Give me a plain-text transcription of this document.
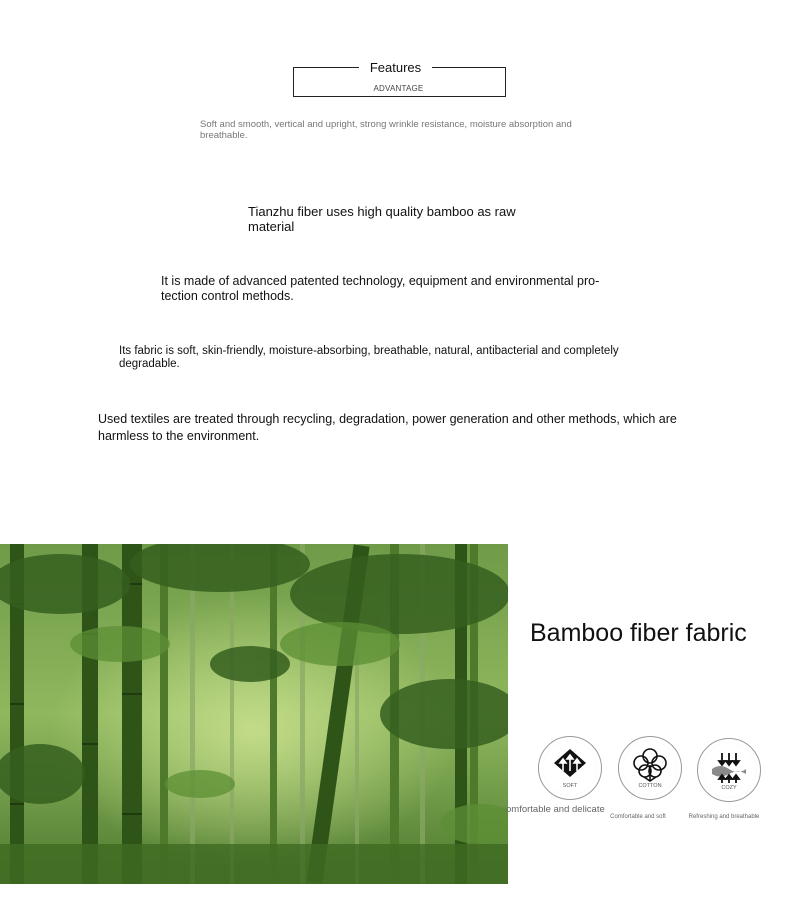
Features
ADVANTAGE
Soft and smooth, vertical and upright, strong wrinkle resistance, moisture absorption and breathable.
Tianzhu fiber uses high quality bamboo as raw material
It is made of advanced patented technology, equipment and environmental pro-tection control methods.
Its fabric is soft, skin-friendly, moisture-absorbing, breathable, natural, antibacterial and completely degradable.
Used textiles are treated through recycling, degradation, power generation and other methods, which are harmless to the environment.
Bamboo fiber fabric
SOFT	COTTON	COZY
omfortable and delicate
Comfortable and soft	Refreshing and breathable
